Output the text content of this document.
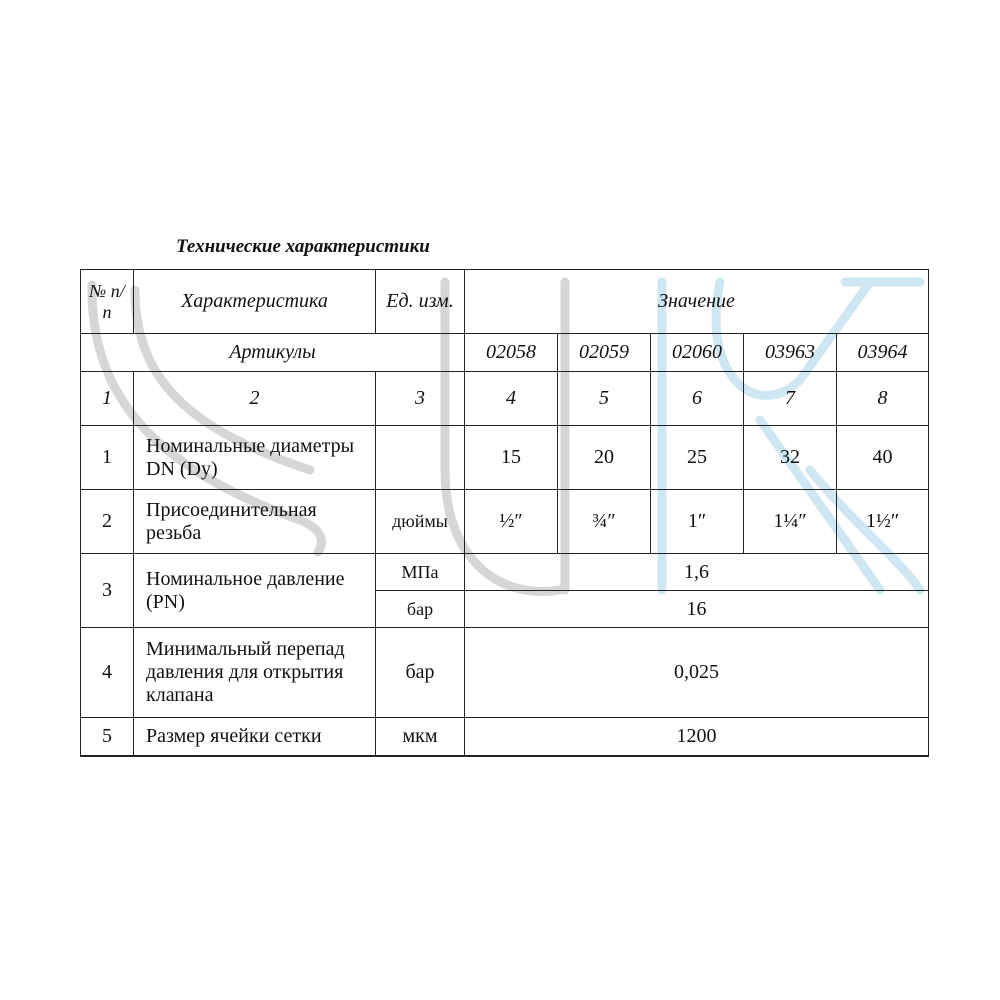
Технические характеристики
№ п/п	Характеристика	Ед. изм.	Значение				
Артикулы			02058	02059	02060	03963	03964
1	2	3	4	5	6	7	8
1	Номинальные диаметры DN (Dy)		15	20	25	32	40
2	Присоединительная резьба	дюймы	½″	¾″	1″	1¼″	1½″
3	Номинальное давление (PN)	МПа	1,6				
		бар	16				
4	Минимальный перепад давления для открытия клапана	бар	0,025				
5	Размер ячейки сетки	мкм	1200				
